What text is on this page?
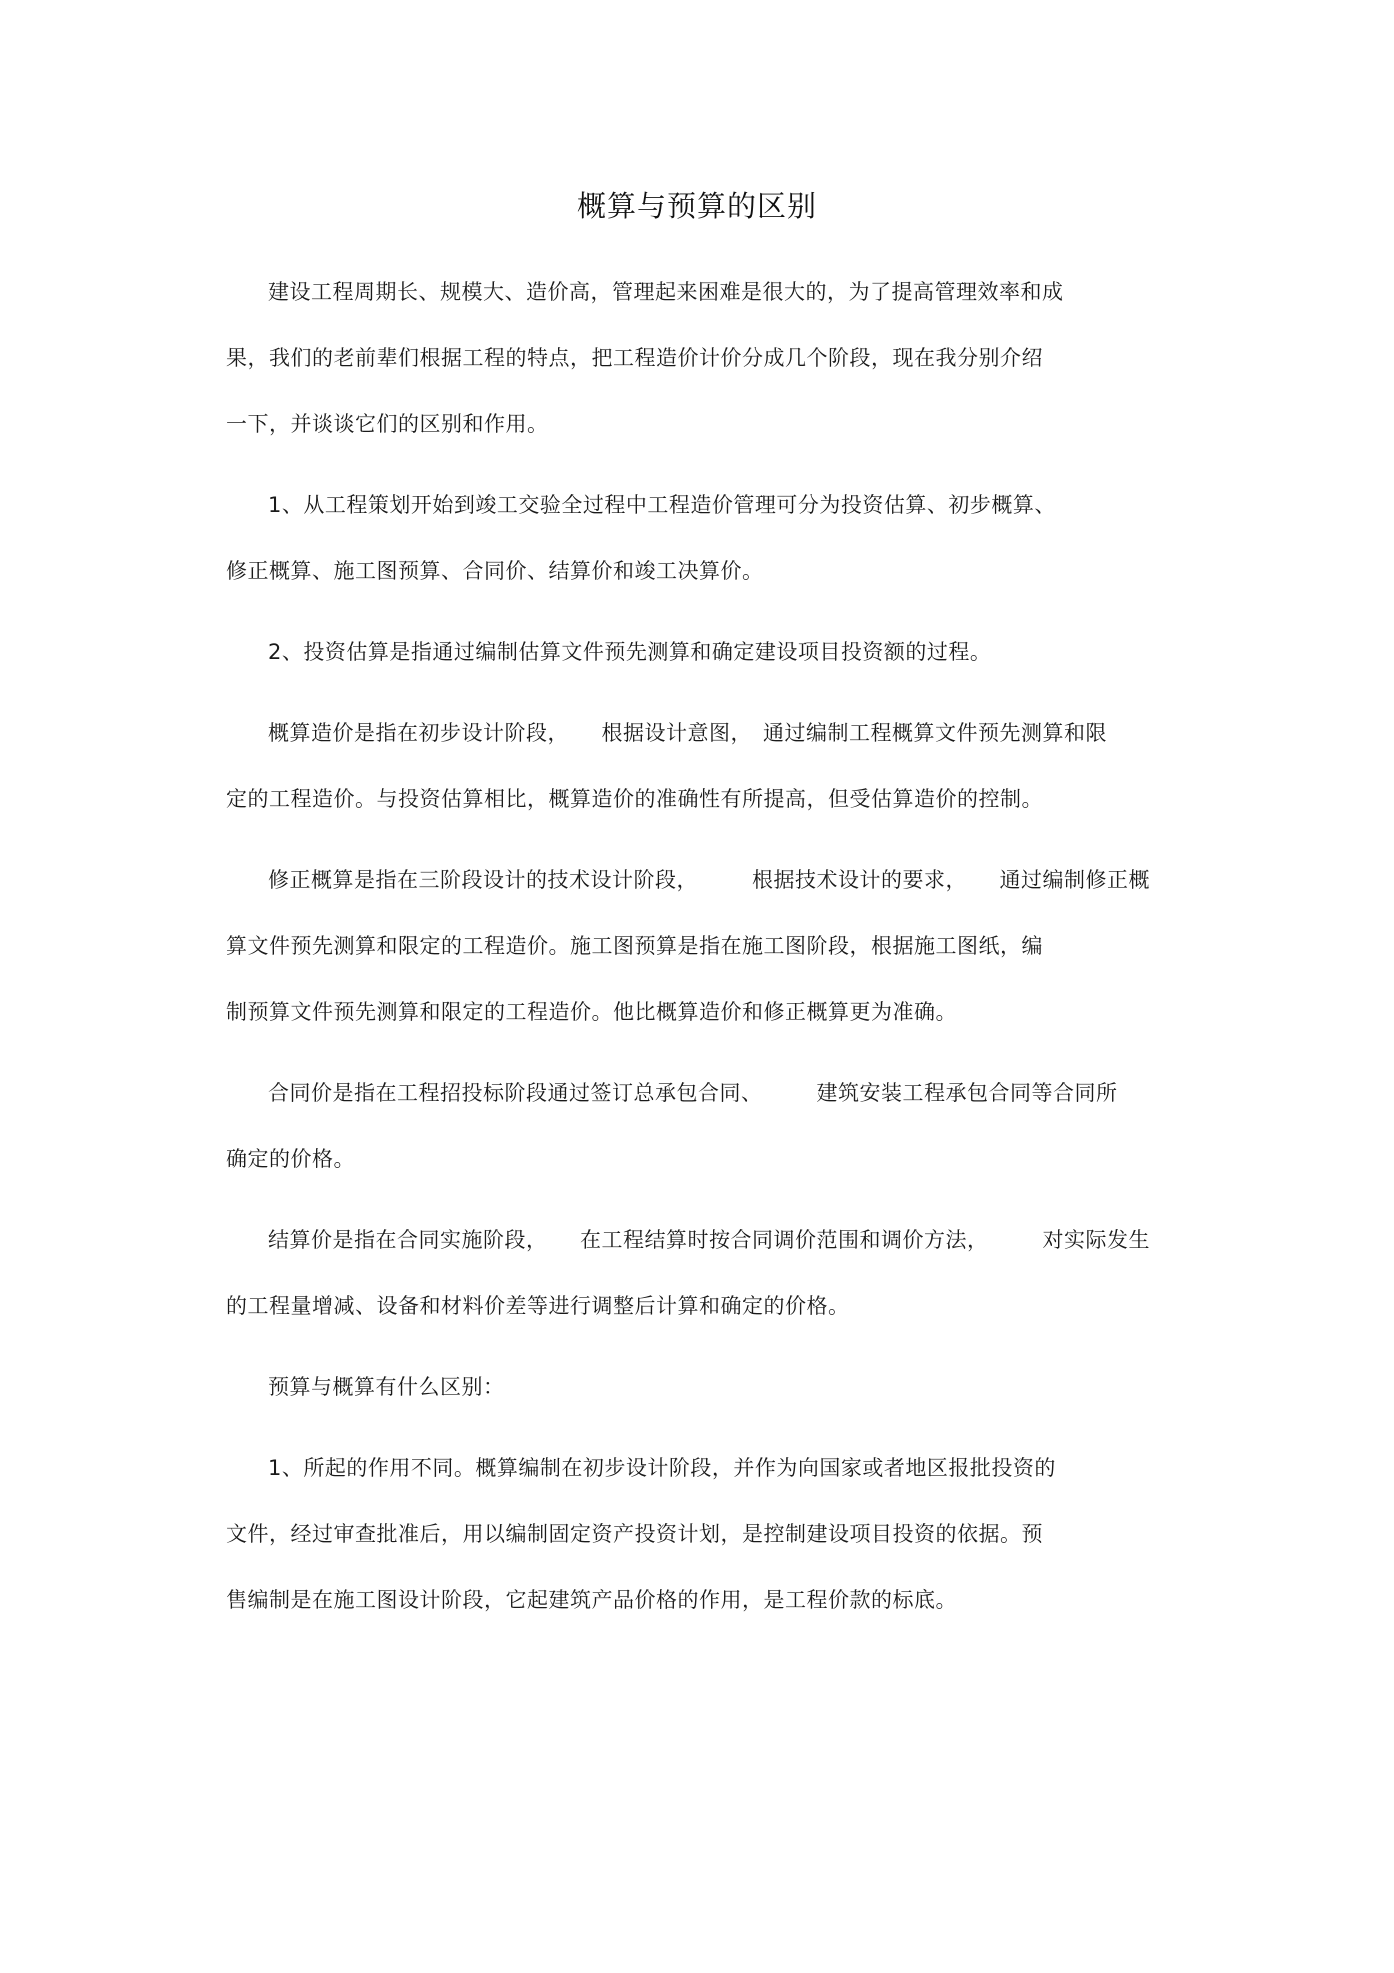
概算与预算的区别
建设工程周期长、规模大、造价高，管理起来困难是很大的，为了提高管理效率和成
果，我们的老前辈们根据工程的特点，把工程造价计价分成几个阶段，现在我分别介绍
一下，并谈谈它们的区别和作用。
1、从工程策划开始到竣工交验全过程中工程造价管理可分为投资估算、初步概算、
修正概算、施工图预算、合同价、结算价和竣工决算价。
2、投资估算是指通过编制估算文件预先测算和确定建设项目投资额的过程。
概算造价是指在初步设计阶段，　　根据设计意图，　通过编制工程概算文件预先测算和限
定的工程造价。与投资估算相比，概算造价的准确性有所提高，但受估算造价的控制。
修正概算是指在三阶段设计的技术设计阶段，　　　根据技术设计的要求，　　通过编制修正概
算文件预先测算和限定的工程造价。施工图预算是指在施工图阶段，根据施工图纸，编
制预算文件预先测算和限定的工程造价。他比概算造价和修正概算更为准确。
合同价是指在工程招投标阶段通过签订总承包合同、　　　建筑安装工程承包合同等合同所
确定的价格。
结算价是指在合同实施阶段，　　在工程结算时按合同调价范围和调价方法，　　　对实际发生
的工程量增减、设备和材料价差等进行调整后计算和确定的价格。
预算与概算有什么区别：
1、所起的作用不同。概算编制在初步设计阶段，并作为向国家或者地区报批投资的
文件，经过审查批准后，用以编制固定资产投资计划，是控制建设项目投资的依据。预
售编制是在施工图设计阶段，它起建筑产品价格的作用，是工程价款的标底。
